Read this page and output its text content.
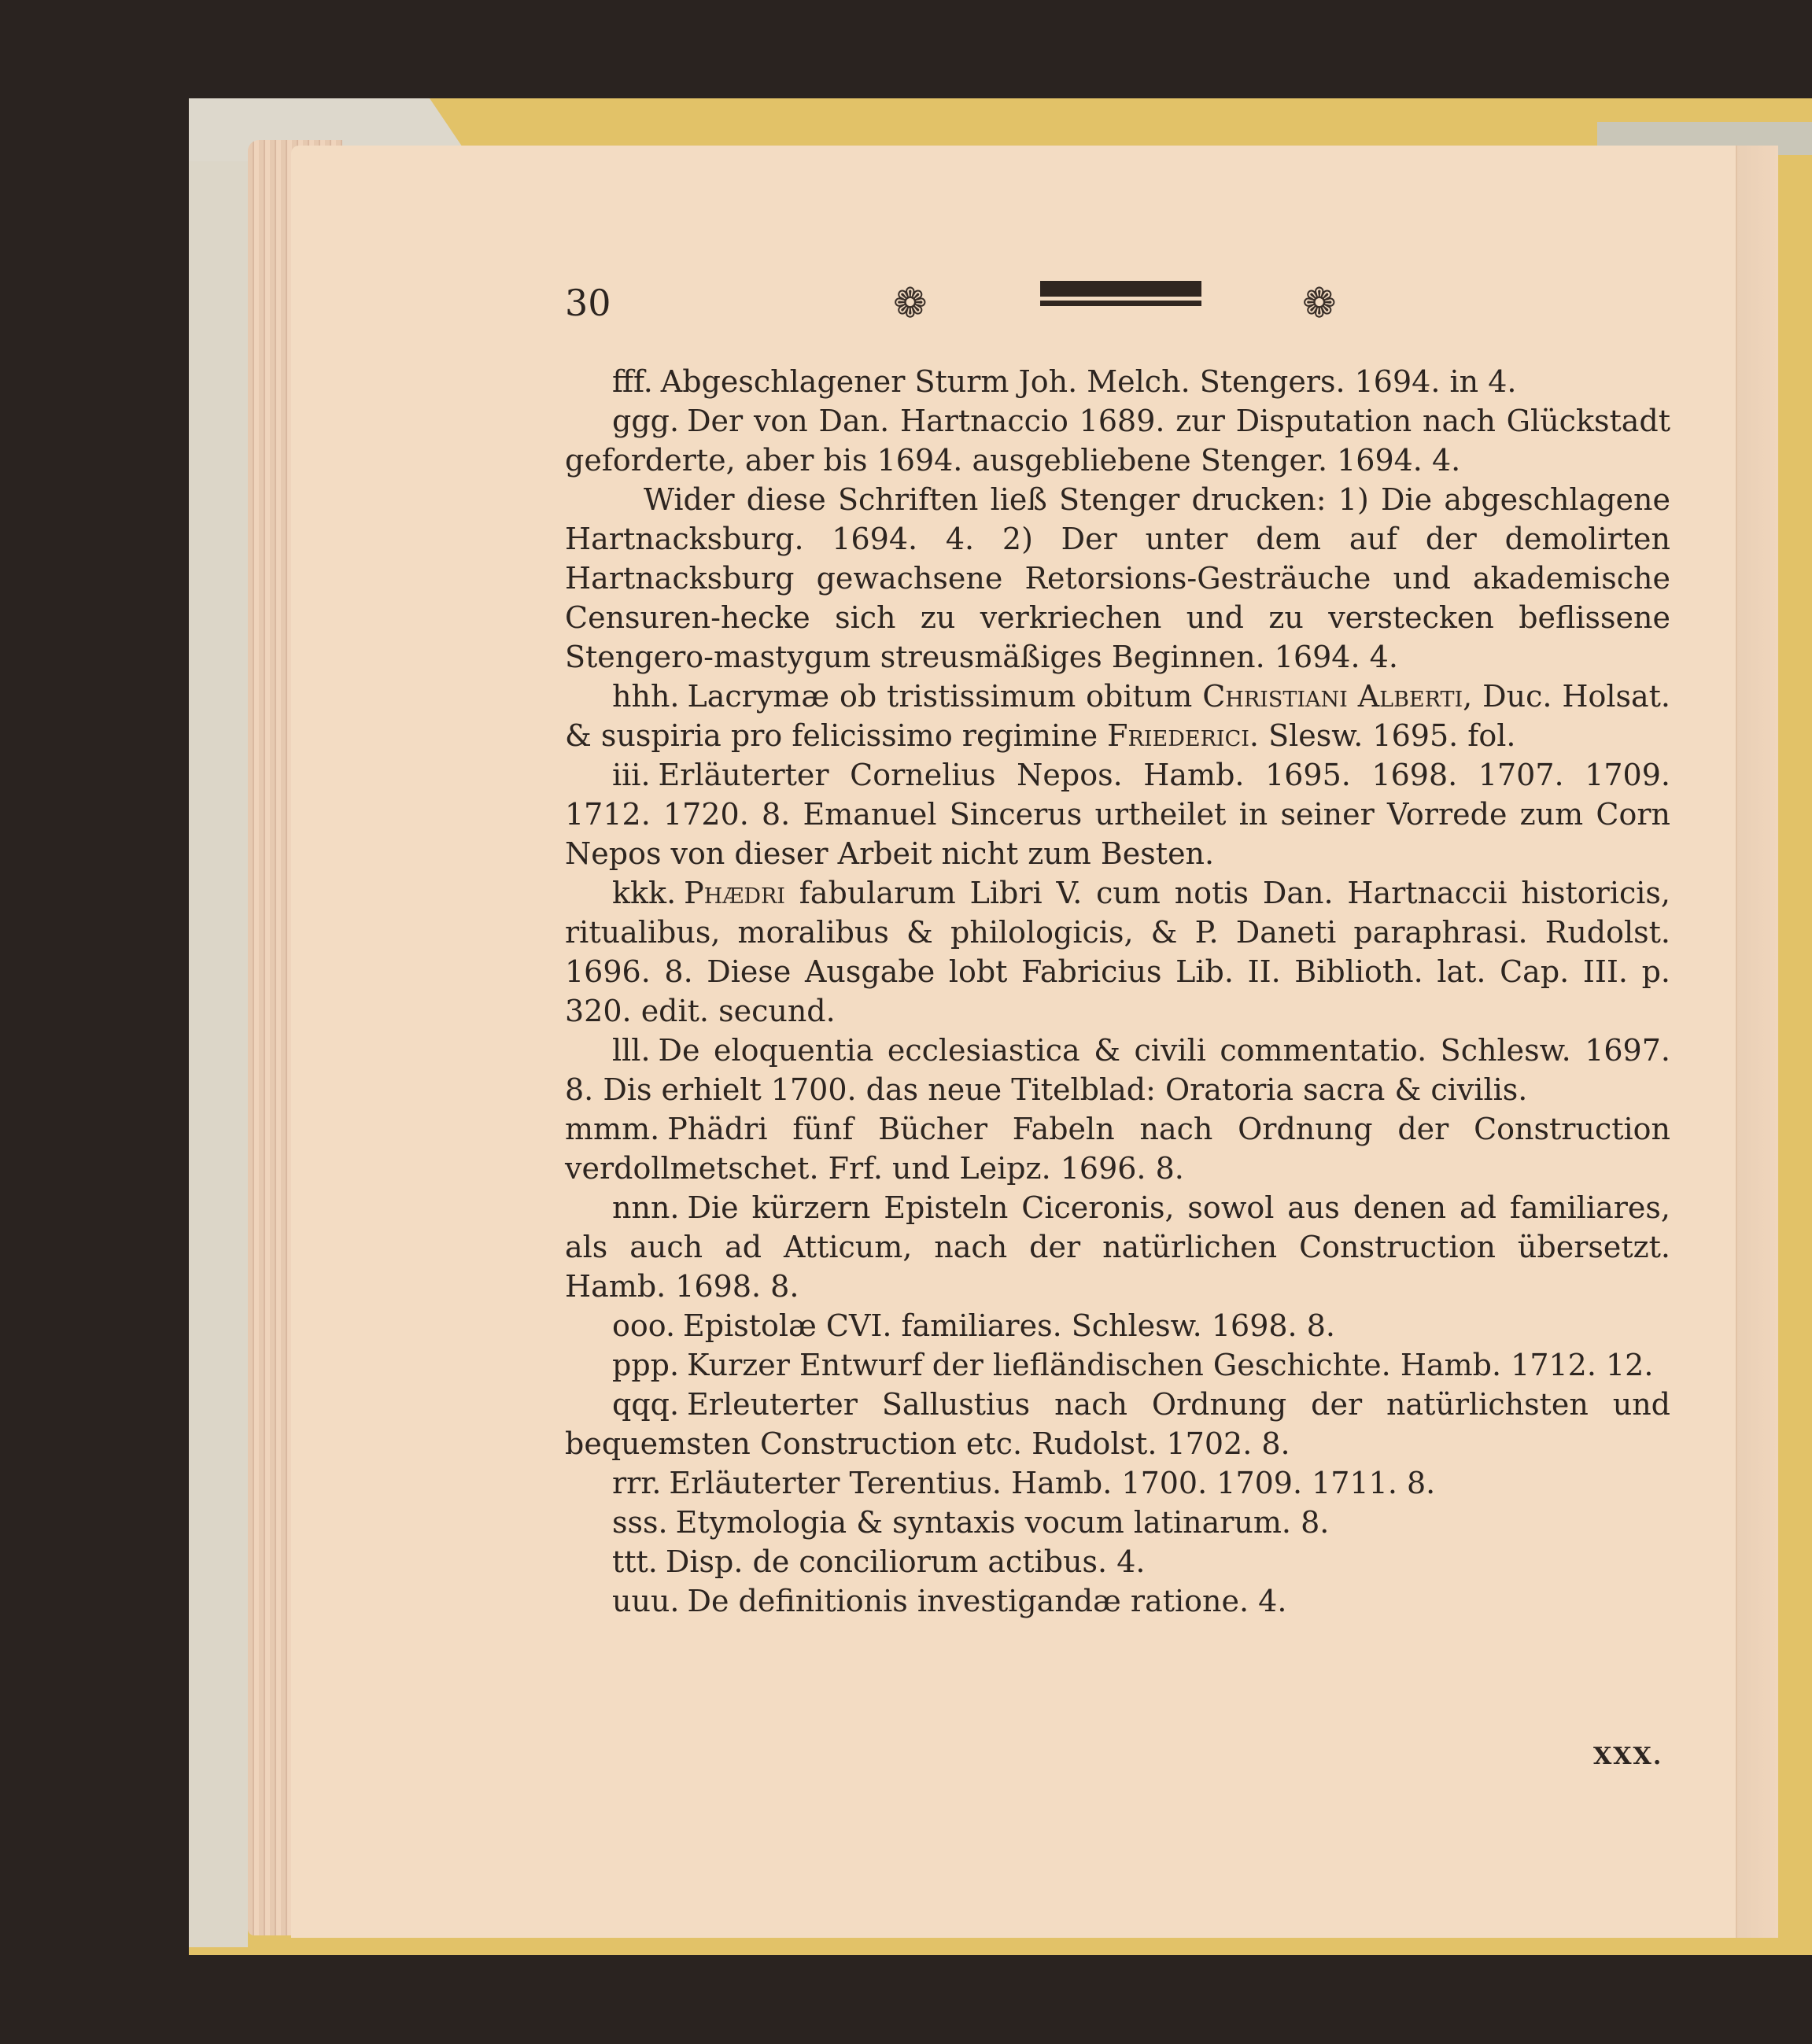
30	❁	❁

fff. Abgeschlagener Sturm Joh. Melch. Stengers. 1694. in 4.

ggg. Der von Dan. Hartnaccio 1689. zur Disputation nach Glückstadt geforderte, aber bis 1694. ausgebliebene Stenger. 1694. 4.

Wider diese Schriften ließ Stenger drucken: 1) Die abgeschlagene Hartnacksburg. 1694. 4. 2) Der unter dem auf der demolirten Hartnacksburg gewachsene Retorsions-Gesträuche und akademische Censuren-hecke sich zu verkriechen und zu verstecken beflissene Stengero-mastygum streusmäßiges Beginnen. 1694. 4.

hhh. Lacrymæ ob tristissimum obitum Christiani Alberti, Duc. Holsat. & suspiria pro felicissimo regimine Friederici. Slesw. 1695. fol.

iii. Erläuterter Cornelius Nepos. Hamb. 1695. 1698. 1707. 1709. 1712. 1720. 8. Emanuel Sincerus urtheilet in seiner Vorrede zum Corn Nepos von dieser Arbeit nicht zum Besten.

kkk. Phædri fabularum Libri V. cum notis Dan. Hartnaccii historicis, ritualibus, moralibus & philologicis, & P. Daneti paraphrasi. Rudolst. 1696. 8. Diese Ausgabe lobt Fabricius Lib. II. Biblioth. lat. Cap. III. p. 320. edit. secund.

lll. De eloquentia ecclesiastica & civili commentatio. Schlesw. 1697. 8. Dis erhielt 1700. das neue Titelblad: Oratoria sacra & civilis.

mmm. Phädri fünf Bücher Fabeln nach Ordnung der Construction verdollmetschet. Frf. und Leipz. 1696. 8.

nnn. Die kürzern Episteln Ciceronis, sowol aus denen ad familiares, als auch ad Atticum, nach der natürlichen Construction übersetzt. Hamb. 1698. 8.

ooo. Epistolæ CVI. familiares. Schlesw. 1698. 8.

ppp. Kurzer Entwurf der liefländischen Geschichte. Hamb. 1712. 12.

qqq. Erleuterter Sallustius nach Ordnung der natürlichsten und bequemsten Construction etc. Rudolst. 1702. 8.

rrr. Erläuterter Terentius. Hamb. 1700. 1709. 1711. 8.

sss. Etymologia & syntaxis vocum latinarum. 8.

ttt. Disp. de conciliorum actibus. 4.

uuu. De definitionis investigandæ ratione. 4.

XXX.
